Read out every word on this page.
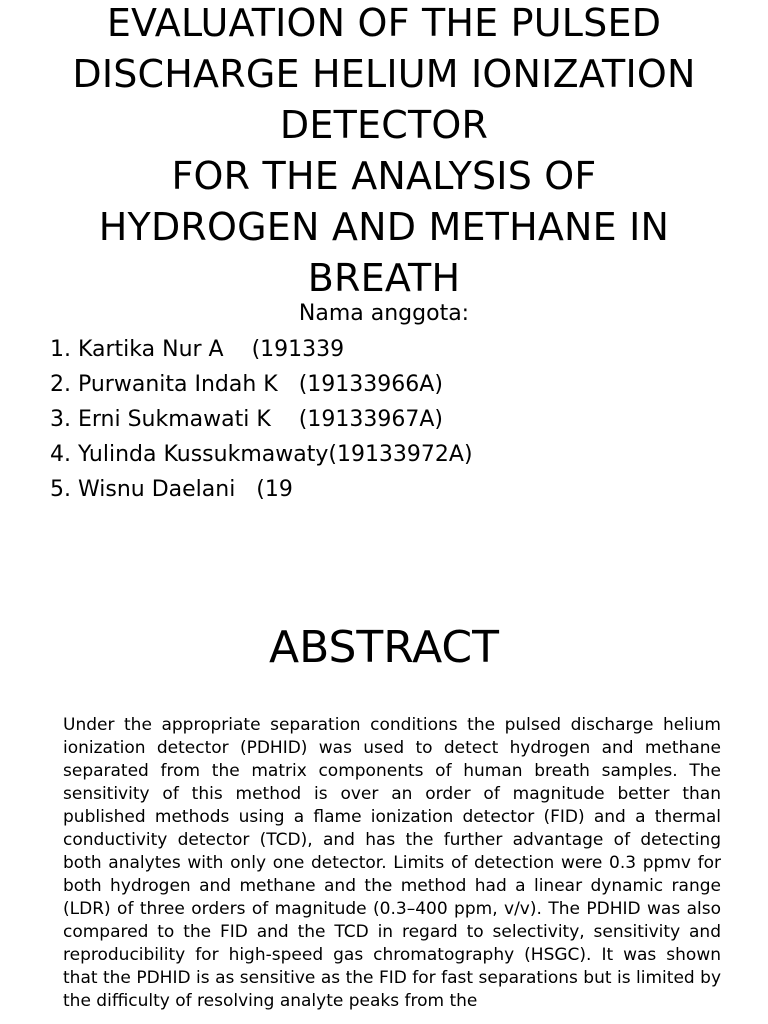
EVALUATION OF THE PULSED
DISCHARGE HELIUM IONIZATION
DETECTOR
FOR THE ANALYSIS OF
HYDROGEN AND METHANE IN
BREATH
Nama anggota:
1. Kartika Nur A    (191339
2. Purwanita Indah K   (19133966A)
3. Erni Sukmawati K    (19133967A)
4. Yulinda Kussukmawaty(19133972A)
5. Wisnu Daelani   (19
ABSTRACT

Under the appropriate separation conditions the pulsed discharge helium ionization detector (PDHID) was used to detect hydrogen and methane separated from the matrix components of human breath samples. The sensitivity of this method is over an order of magnitude better than published methods using a flame ionization detector (FID) and a thermal conductivity detector (TCD), and has the further advantage of detecting both analytes with only one detector. Limits of detection were 0.3 ppmv for both hydrogen and methane and the method had a linear dynamic range (LDR) of three orders of magnitude (0.3–400 ppm, v/v). The PDHID was also compared to the FID and the TCD in regard to selectivity, sensitivity and reproducibility for high-speed gas chromatography (HSGC). It was shown that the PDHID is as sensitive as the FID for fast separations but is limited by the difficulty of resolving analyte peaks from the
